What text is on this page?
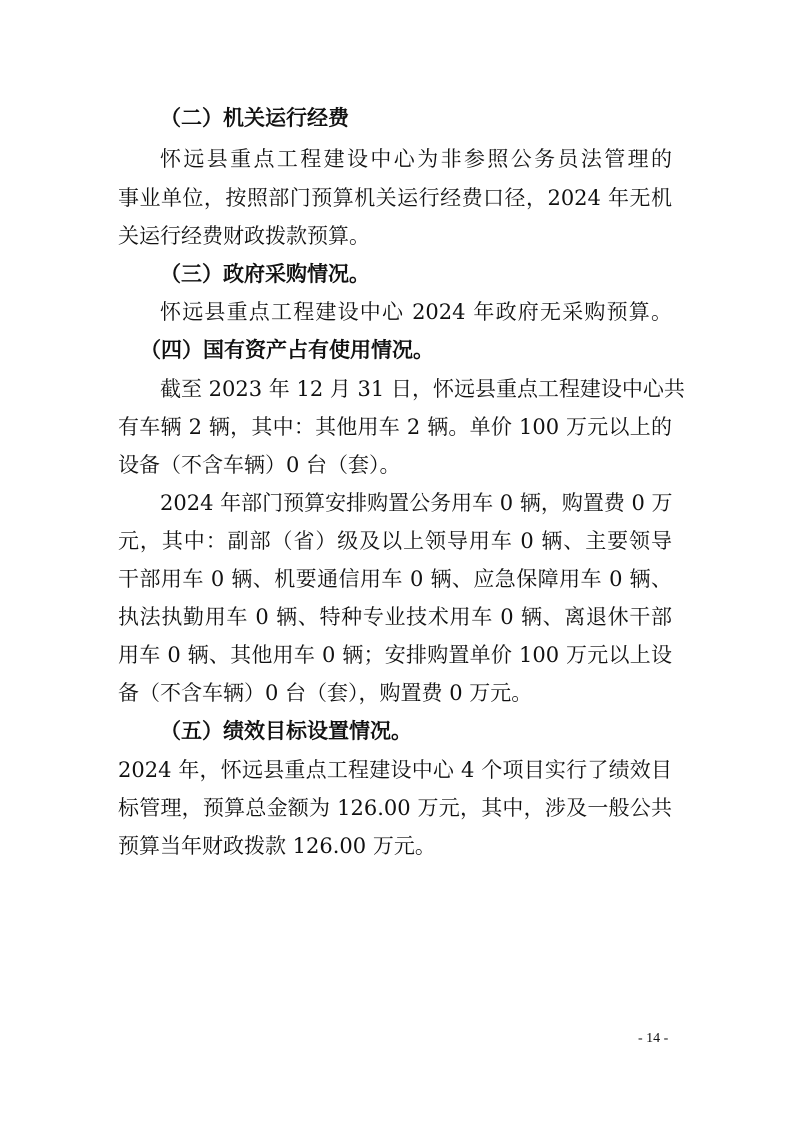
（二）机关运行经费

怀远县重点工程建设中心为非参照公务员法管理的

事业单位，按照部门预算机关运行经费口径，2024 年无机

关运行经费财政拨款预算。

（三）政府采购情况。

怀远县重点工程建设中心 2024 年政府无采购预算。

（四）国有资产占有使用情况。

截至 2023 年 12 月 31 日，怀远县重点工程建设中心共

有车辆 2 辆，其中：其他用车 2 辆。单价 100 万元以上的

设备（不含车辆）0 台（套）。

2024 年部门预算安排购置公务用车 0 辆，购置费 0 万

元，其中：副部（省）级及以上领导用车 0 辆、主要领导

干部用车 0 辆、机要通信用车 0 辆、应急保障用车 0 辆、

执法执勤用车 0 辆、特种专业技术用车 0 辆、离退休干部

用车 0 辆、其他用车 0 辆；安排购置单价 100 万元以上设

备（不含车辆）0 台（套），购置费 0 万元。

（五）绩效目标设置情况。

2024 年，怀远县重点工程建设中心 4 个项目实行了绩效目

标管理，预算总金额为 126.00 万元，其中，涉及一般公共

预算当年财政拨款 126.00 万元。

- 14 -
